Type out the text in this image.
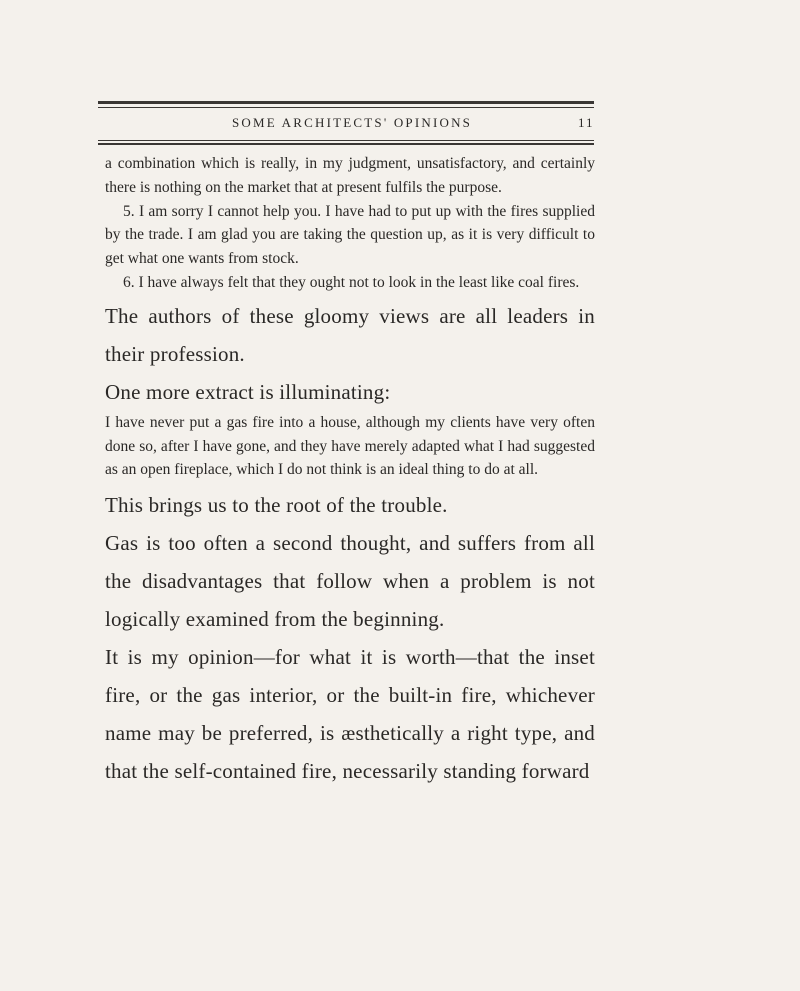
SOME ARCHITECTS' OPINIONS	11

a combination which is really, in my judgment, unsatisfactory, and certainly there is nothing on the market that at present fulfils the purpose.

5. I am sorry I cannot help you. I have had to put up with the fires supplied by the trade. I am glad you are taking the question up, as it is very difficult to get what one wants from stock.

6. I have always felt that they ought not to look in the least like coal fires.

The authors of these gloomy views are all leaders in their profession.

One more extract is illuminating:

I have never put a gas fire into a house, although my clients have very often done so, after I have gone, and they have merely adapted what I had suggested as an open fireplace, which I do not think is an ideal thing to do at all.

This brings us to the root of the trouble.

Gas is too often a second thought, and suffers from all the disadvantages that follow when a problem is not logically examined from the beginning.

It is my opinion—for what it is worth—that the inset fire, or the gas interior, or the built-in fire, whichever name may be preferred, is æsthetically a right type, and that the self-contained fire, necessarily standing forward
